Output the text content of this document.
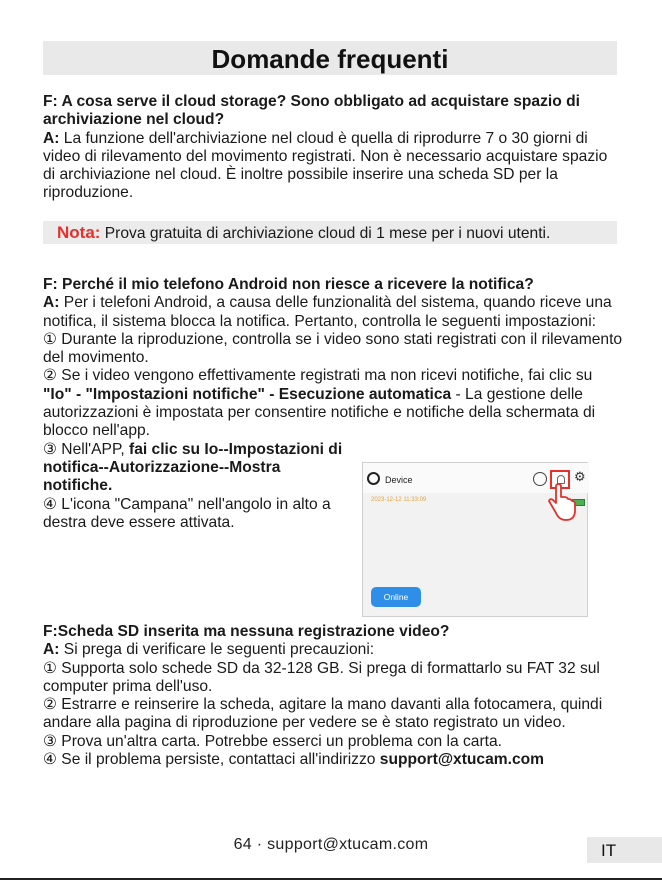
Domande frequenti

F: A cosa serve il cloud storage? Sono obbligato ad acquistare spazio di archiviazione nel cloud?

A: La funzione dell'archiviazione nel cloud è quella di riprodurre 7 o 30 giorni di video di rilevamento del movimento registrati. Non è necessario acquistare spazio di archiviazione nel cloud. È inoltre possibile inserire una scheda SD per la riproduzione.

Nota: Prova gratuita di archiviazione cloud di 1 mese per i nuovi utenti.

F: Perché il mio telefono Android non riesce a ricevere la notifica?

A: Per i telefoni Android, a causa delle funzionalità del sistema, quando riceve una notifica, il sistema blocca la notifica. Pertanto, controlla le seguenti impostazioni:

① Durante la riproduzione, controlla se i video sono stati registrati con il rilevamento del movimento.

② Se i video vengono effettivamente registrati ma non ricevi notifiche, fai clic su "Io" - "Impostazioni notifiche" - Esecuzione automatica - La gestione delle autorizzazioni è impostata per consentire notifiche e notifiche della schermata di blocco nell'app.

③ Nell'APP, fai clic su Io--Impostazioni di notifica--Autorizzazione--Mostra notifiche.

④ L'icona "Campana" nell'angolo in alto a destra deve essere attivata.

Device	⚙
2023-12-12 11:33:09
Online

F:Scheda SD inserita ma nessuna registrazione video?

A: Si prega di verificare le seguenti precauzioni:

① Supporta solo schede SD da 32-128 GB. Si prega di formattarlo su FAT 32 sul computer prima dell'uso.

② Estrarre e reinserire la scheda, agitare la mano davanti alla fotocamera, quindi andare alla pagina di riproduzione per vedere se è stato registrato un video.

③ Prova un'altra carta. Potrebbe esserci un problema con la carta.

④ Se il problema persiste, contattaci all'indirizzo support@xtucam.com

64 · support@xtucam.com	IT
